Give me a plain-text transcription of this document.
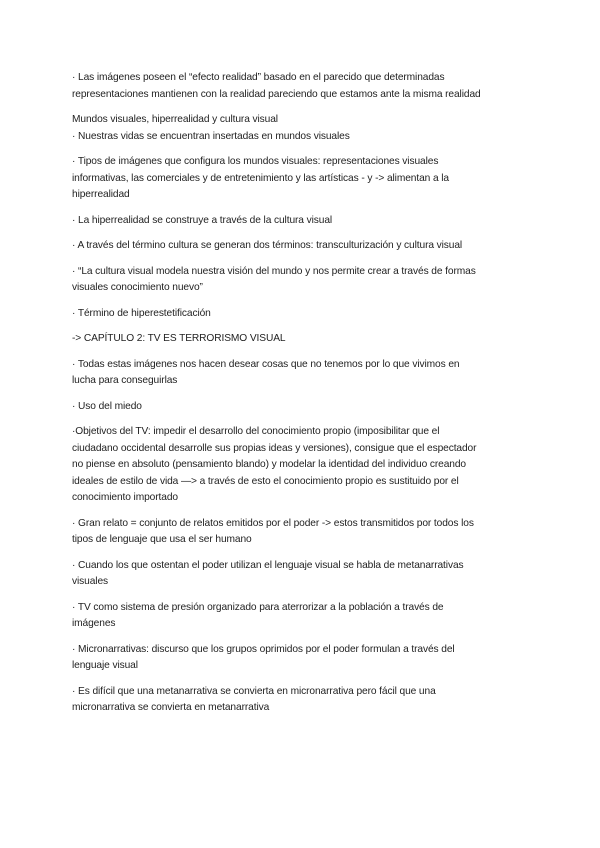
· Las imágenes poseen el “efecto realidad” basado en el parecido que determinadas
representaciones mantienen con la realidad pareciendo que estamos ante la misma realidad

Mundos visuales, hiperrealidad y cultura visual
· Nuestras vidas se encuentran insertadas en mundos visuales

· Tipos de imágenes que configura los mundos visuales: representaciones visuales
informativas, las comerciales y de entretenimiento y las artísticas - y -> alimentan a la
hiperrealidad

· La hiperrealidad se construye a través de la cultura visual

· A través del término cultura se generan dos términos: transculturización y cultura visual

· “La cultura visual modela nuestra visión del mundo y nos permite crear a través de formas
visuales conocimiento nuevo”

· Término de hiperestetificación

-> CAPÍTULO 2: TV ES TERRORISMO VISUAL

· Todas estas imágenes nos hacen desear cosas que no tenemos por lo que vivimos en
lucha para conseguirlas

· Uso del miedo

·Objetivos del TV: impedir el desarrollo del conocimiento propio (imposibilitar que el
ciudadano occidental desarrolle sus propias ideas y versiones), consigue que el espectador
no piense en absoluto (pensamiento blando) y modelar la identidad del individuo creando
ideales de estilo de vida —> a través de esto el conocimiento propio es sustituido por el
conocimiento importado

· Gran relato = conjunto de relatos emitidos por el poder -> estos transmitidos por todos los
tipos de lenguaje que usa el ser humano

· Cuando los que ostentan el poder utilizan el lenguaje visual se habla de metanarrativas
visuales

· TV como sistema de presión organizado para aterrorizar a la población a través de
imágenes

· Micronarrativas: discurso que los grupos oprimidos por el poder formulan a través del
lenguaje visual

· Es difícil que una metanarrativa se convierta en micronarrativa pero fácil que una
micronarrativa se convierta en metanarrativa
